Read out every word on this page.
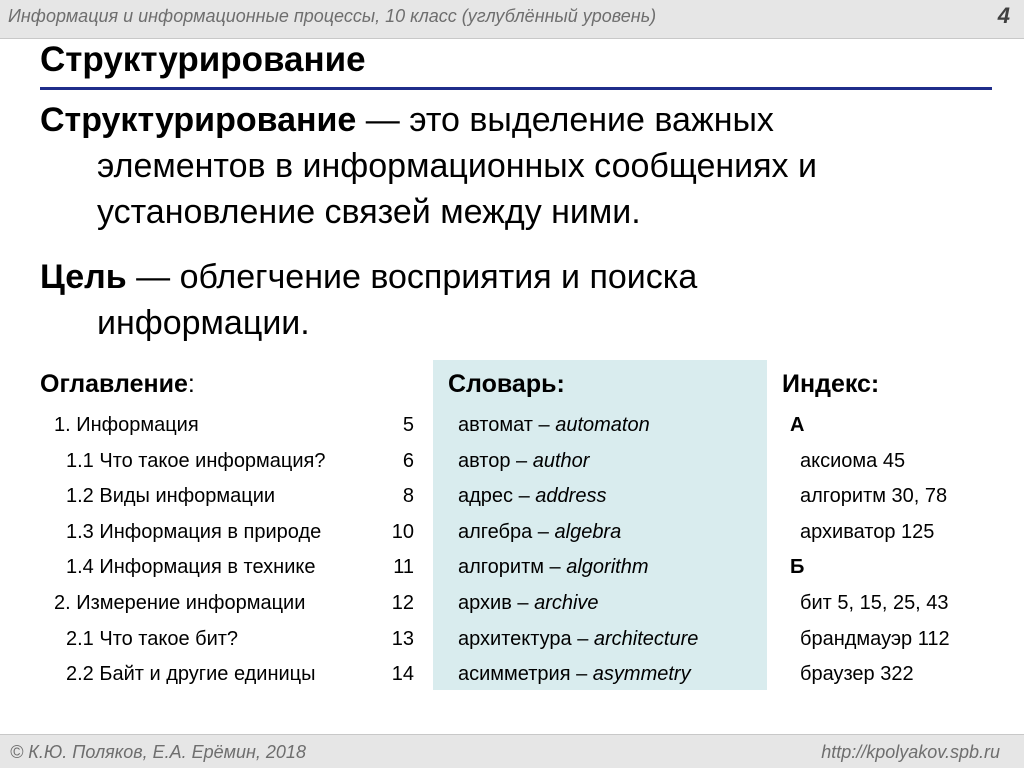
Информация и информационные процессы, 10 класс (углублённый уровень)	4
Структурирование
Структурирование — это выделение важных
элементов в информационных сообщениях и
установление связей между ними.
Цель — облегчение восприятия и поиска
информации.
Оглавление:	Словарь:	Индекс:
1. Информация	5
1.1 Что такое информация?	6
1.2 Виды информации	8
1.3 Информация в природе	10
1.4 Информация в технике	11
2. Измерение информации	12
2.1 Что такое бит?	13
2.2 Байт и другие единицы	14
автомат – automaton
автор – author
адрес – address
алгебра – algebra
алгоритм – algorithm
архив – archive
архитектура – architecture
асимметрия – asymmetry
А
аксиома 45
алгоритм 30, 78
архиватор 125
Б
бит 5, 15, 25, 43
брандмауэр 112
браузер 322
© К.Ю. Поляков, Е.А. Ерёмин, 2018	http://kpolyakov.spb.ru
